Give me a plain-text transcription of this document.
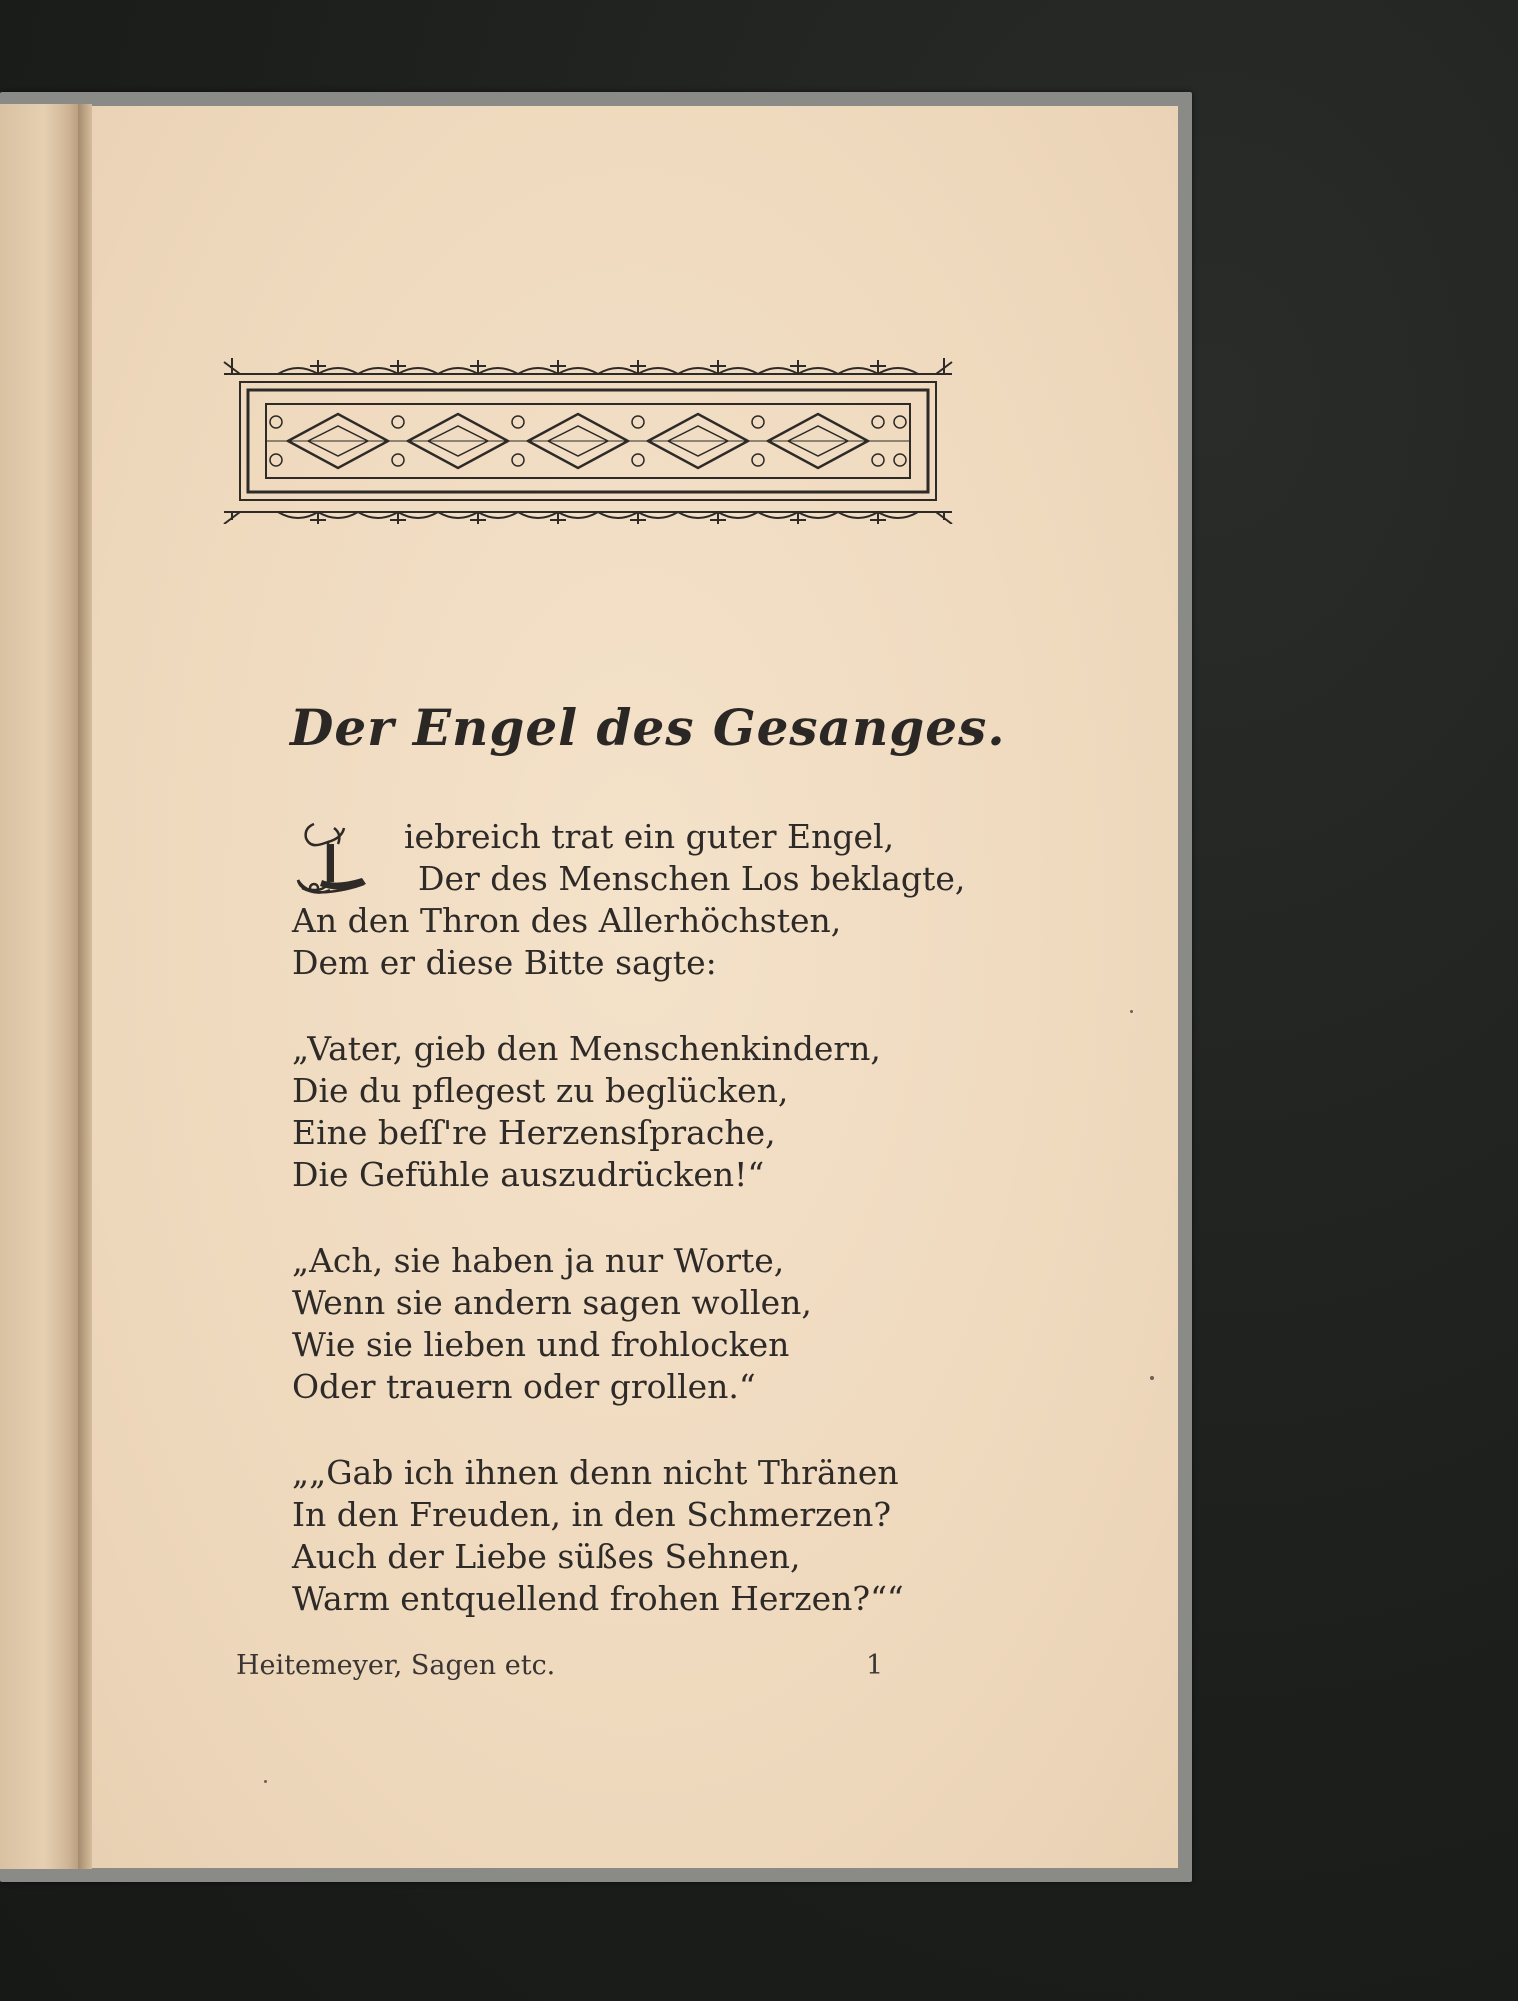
Der Engel des Gesanges.
iebreich trat ein guter Engel,
Der des Menschen Los beklagte,
An den Thron des Allerhöchsten,
Dem er diese Bitte sagte:
„Vater, gieb den Menschenkindern,
Die du pflegest zu beglücken,
Eine beſſ're Herzensſprache,
Die Gefühle auszudrücken!“
„Ach, sie haben ja nur Worte,
Wenn sie andern sagen wollen,
Wie sie lieben und frohlocken
Oder trauern oder grollen.“
„„Gab ich ihnen denn nicht Thränen
In den Freuden, in den Schmerzen?
Auch der Liebe süßes Sehnen,
Warm entquellend frohen Herzen?““
Heitemeyer, Sagen etc.	1
